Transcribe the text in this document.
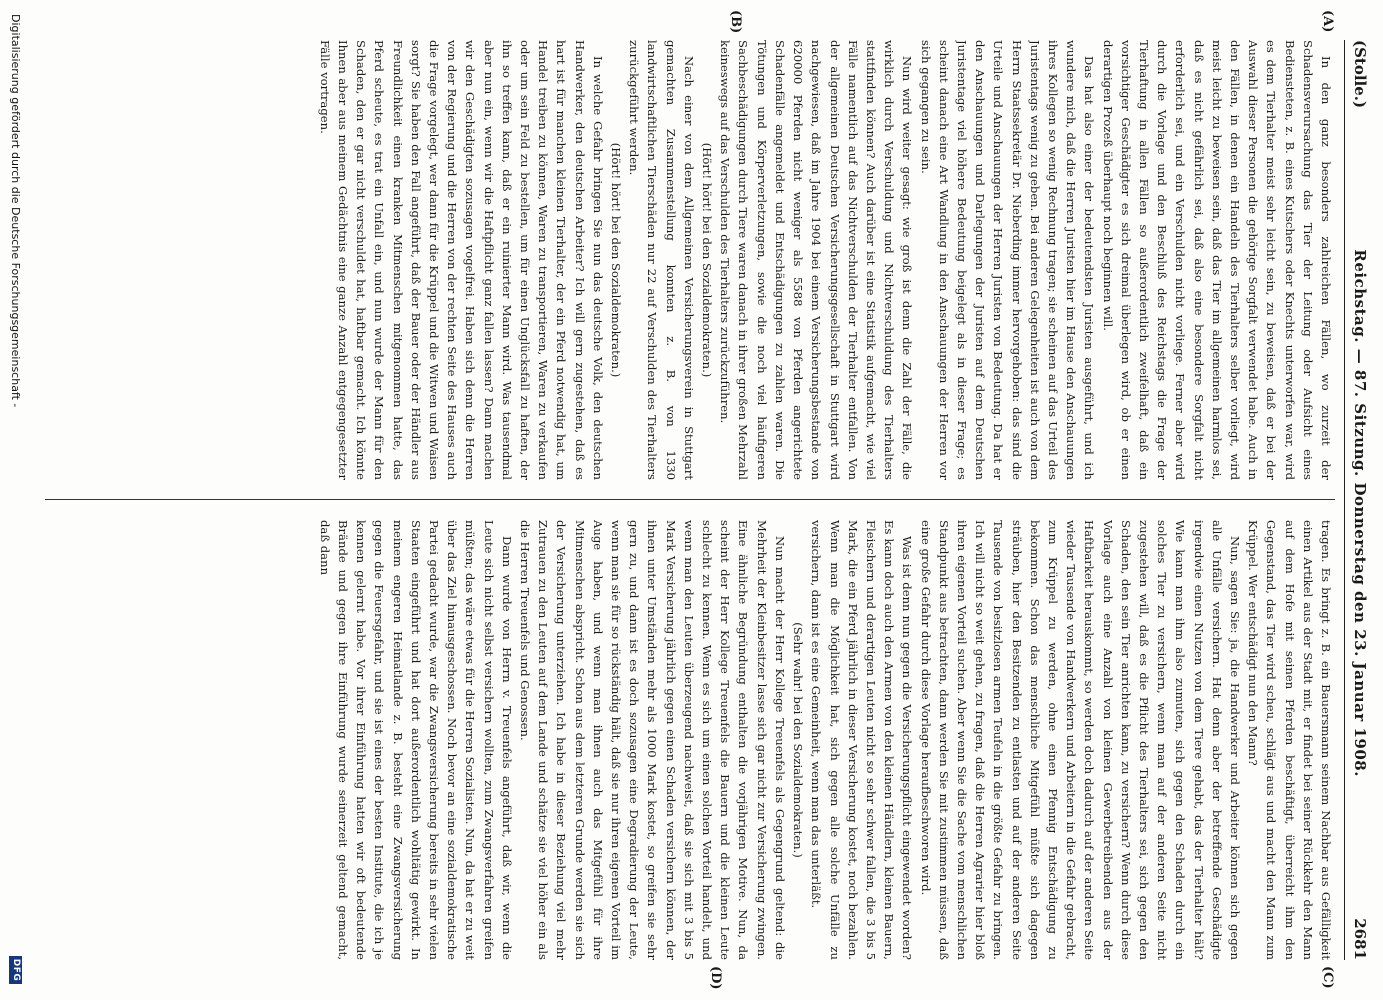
(Stolle.)
Reichstag. — 87. Sitzung. Donnerstag den 23. Januar 1908.
2681
(A)
(B)
(C)
(D)

In den ganz besonders zahlreichen Fällen, wo zurzeit der Schadensverursachung das Tier der Leitung oder Aufsicht eines Bediensteten, z. B. eines Kutschers oder Knechts unterworfen war, wird es dem Tierhalter meist sehr leicht sein, zu beweisen, daß er bei der Auswahl dieser Personen die gehörige Sorgfalt verwendet habe. Auch in den Fällen, in denen ein Handeln des Tierhalters selber vorliegt, wird meist leicht zu beweisen sein, daß das Tier im allgemeinen harmlos sei, daß es nicht gefährlich sei, daß also eine besondere Sorgfalt nicht erforderlich sei, und ein Verschulden nicht vorliege. Ferner aber wird durch die Vorlage und den Beschluß des Reichstags die Frage der Tierhaftung in allen Fällen so außerordentlich zweifelhaft, daß ein vorsichtiger Geschädigter es sich dreimal überlegen wird, ob er einen derartigen Prozeß überhaupt noch beginnen will.

Das hat also einer der bedeutendsten Juristen ausgeführt, und ich wundere mich, daß die Herren Juristen hier im Hause den Anschauungen ihres Kollegen so wenig Rechnung tragen; sie scheinen auf das Urteil des Juristentags wenig zu geben. Bei anderen Gelegenheiten ist auch von dem Herrn Staatssekretär Dr. Nieberding immer hervorgehoben: das sind die Urteile und Anschauungen der Herren Juristen von Bedeutung. Da hat er den Anschauungen und Darlegungen der Juristen auf dem Deutschen Juristentage viel höhere Bedeutung beigelegt als in dieser Frage; es scheint danach eine Art Wandlung in den Anschauungen der Herren vor sich gegangen zu sein.

Nun wird weiter gesagt: wie groß ist denn die Zahl der Fälle, die wirklich durch Verschuldung und Nichtverschuldung des Tierhalters stattfinden können? Auch darüber ist eine Statistik aufgemacht, wie viel Fälle namentlich auf das Nichtverschulden der Tierhalter entfallen. Von der allgemeinen Deutschen Versicherungsgesellschaft in Stuttgart wird nachgewiesen, daß im Jahre 1904 bei einem Versicherungsbestande von 620000 Pferden nicht weniger als 5588 von Pferden angerichtete Schadenfälle angemeldet und Entschädigungen zu zahlen waren. Die Tötungen und Körperverletzungen, sowie die noch viel häufigeren Sachbeschädigungen durch Tiere waren danach in ihrer großen Mehrzahl keineswegs auf das Verschulden des Tierhalters zurückzuführen.

(Hört! hört! bei den Sozialdemokraten.)

Nach einer von dem Allgemeinen Versicherungsverein in Stuttgart gemachten Zusammenstellung konnten z. B. von 1330 landwirtschaftlichen Tierschäden nur 22 auf Verschulden des Tierhalters zurückgeführt werden.

(Hört! hört! bei den Sozialdemokraten.)

In welche Gefahr bringen Sie nun das deutsche Volk, den deutschen Handwerker, den deutschen Arbeiter? Ich will gern zugestehen, daß es hart ist für manchen kleinen Tierhalter, der ein Pferd notwendig hat, um Handel treiben zu können, Waren zu transportieren, Waren zu verkaufen oder um sein Feld zu bestellen, um für einen Unglücksfall zu haften, der ihn so treffen kann, daß er ein ruinierter Mann wird. Was tausendmal aber nun ein, wenn wir die Haftpflicht ganz fallen lassen? Dann machen wir den Geschädigten sozusagen vogelfrei. Haben sich denn die Herren von der Regierung und die Herren von der rechten Seite des Hauses auch die Frage vorgelegt, wer dann für die Krüppel und die Witwen und Waisen sorgt? Sie haben den Fall angeführt, daß der Bauer oder der Händler aus Freundlichkeit einen kranken Mitmenschen mitgenommen hatte, das Pferd scheute, es trat ein Unfall ein, und nun wurde der Mann für den Schaden, den er gar nicht verschuldet hat, haftbar gemacht. Ich könnte Ihnen aber aus meinem Gedächtnis eine ganze Anzahl entgegengesetzter Fälle vortragen.

tragen. Es bringt z. B. ein Bauersmann seinem Nachbar aus Gefälligkeit einen Artikel aus der Stadt mit, er findet bei seiner Rückkehr den Mann auf dem Hofe mit seinen Pferden beschäftigt, überreicht ihm den Gegenstand, das Tier wird scheu, schlägt aus und macht den Mann zum Krüppel. Wer entschädigt nun den Mann?

Nun, sagen Sie: ja, die Handwerker und Arbeiter können sich gegen alle Unfälle versichern. Hat denn aber der betreffende Geschädigte irgendwie einen Nutzen von dem Tiere gehabt, das der Tierhalter hält? Wie kann man ihm also zumuten, sich gegen den Schaden durch ein solches Tier zu versichern, wenn man auf der anderen Seite nicht zugestehen will, daß es die Pflicht des Tierhalters sei, sich gegen den Schaden, den sein Tier anrichten kann, zu versichern? Wenn durch diese Vorlage auch eine Anzahl von kleinen Gewerbetreibenden aus der Haftbarkeit herauskommt, so werden doch dadurch auf der anderen Seite wieder Tausende von Handwerkern und Arbeitern in die Gefahr gebracht, zum Krüppel zu werden, ohne einen Pfennig Entschädigung zu bekommen. Schon das menschliche Mitgefühl müßte sich dagegen sträuben, hier den Besitzenden zu entlasten und auf der anderen Seite Tausende von besitzlosen armen Teufeln in die größte Gefahr zu bringen. Ich will nicht so weit gehen, zu fragen, daß die Herren Agrarier hier bloß ihren eigenen Vorteil suchen. Aber wenn Sie die Sache vom menschlichen Standpunkt aus betrachten, dann werden Sie mit zustimmen müssen, daß eine große Gefahr durch diese Vorlage heraufbeschworen wird.

Was ist denn nun gegen die Versicherungspflicht eingewendet worden? Es kann doch auch den Armen von den kleinen Händlern, kleinen Bauern, Fleischern und derartigen Leuten nicht so sehr schwer fallen, die 3 bis 5 Mark, die ein Pferd jährlich in dieser Versicherung kostet, noch bezahlen. Wenn man die Möglichkeit hat, sich gegen alle solche Unfälle zu versichern, dann ist es eine Gemeinheit, wenn man das unterläßt.

(Sehr wahr! bei den Sozialdemokraten.)

Nun macht der Herr Kollege Treuenfels als Gegengrund geltend: die Mehrheit der Kleinbesitzer lasse sich gar nicht zur Versicherung zwingen. Eine ähnliche Begründung enthalten die vorjährigen Motive. Nun, da scheint der Herr Kollege Treuenfels die Bauern und die kleinen Leute schlecht zu kennen. Wenn es sich um einen solchen Vorteil handelt, und wenn man den Leuten überzeugend nachweist, daß sie sich mit 3 bis 5 Mark Versicherung jährlich gegen einen Schaden versichern können, der ihnen unter Umständen mehr als 1000 Mark kostet, so greifen sie sehr gern zu, und dann ist es doch sozusagen eine Degradierung der Leute, wenn man sie für so rückständig hält, daß sie nur ihren eigenen Vorteil im Auge haben, und wenn man ihnen auch das Mitgefühl für ihre Mitmenschen abspricht. Schon aus dem letzteren Grunde werden sie sich der Versicherung unterziehen. Ich habe in dieser Beziehung viel mehr Zutrauen zu den Leuten auf dem Lande und schätze sie viel höher ein als die Herren Treuenfels und Genossen.

Dann wurde von Herrn v. Treuenfels angeführt, daß wir, wenn die Leute sich nicht selbst versichern wollten, zum Zwangsverfahren greifen müßten; das wäre etwas für die Herren Sozialisten. Nun, da hat er zu weit über das Ziel hinausgeschossen. Noch bevor an eine sozialdemokratische Partei gedacht wurde, war die Zwangsversicherung bereits in sehr vielen Staaten eingeführt und hat dort außerordentlich wohltätig gewirkt. In meinem engeren Heimatlande z. B. besteht eine Zwangsversicherung gegen die Feuersgefahr, und sie ist eines der besten Institute, die ich je kennen gelernt habe. Vor ihrer Einführung hatten wir oft bedeutende Brände und gegen ihre Einführung wurde seinerzeit geltend gemacht, daß dann

Digitalisierung gefördert durch die Deutsche Forschungsgemeinschaft -
DFG
